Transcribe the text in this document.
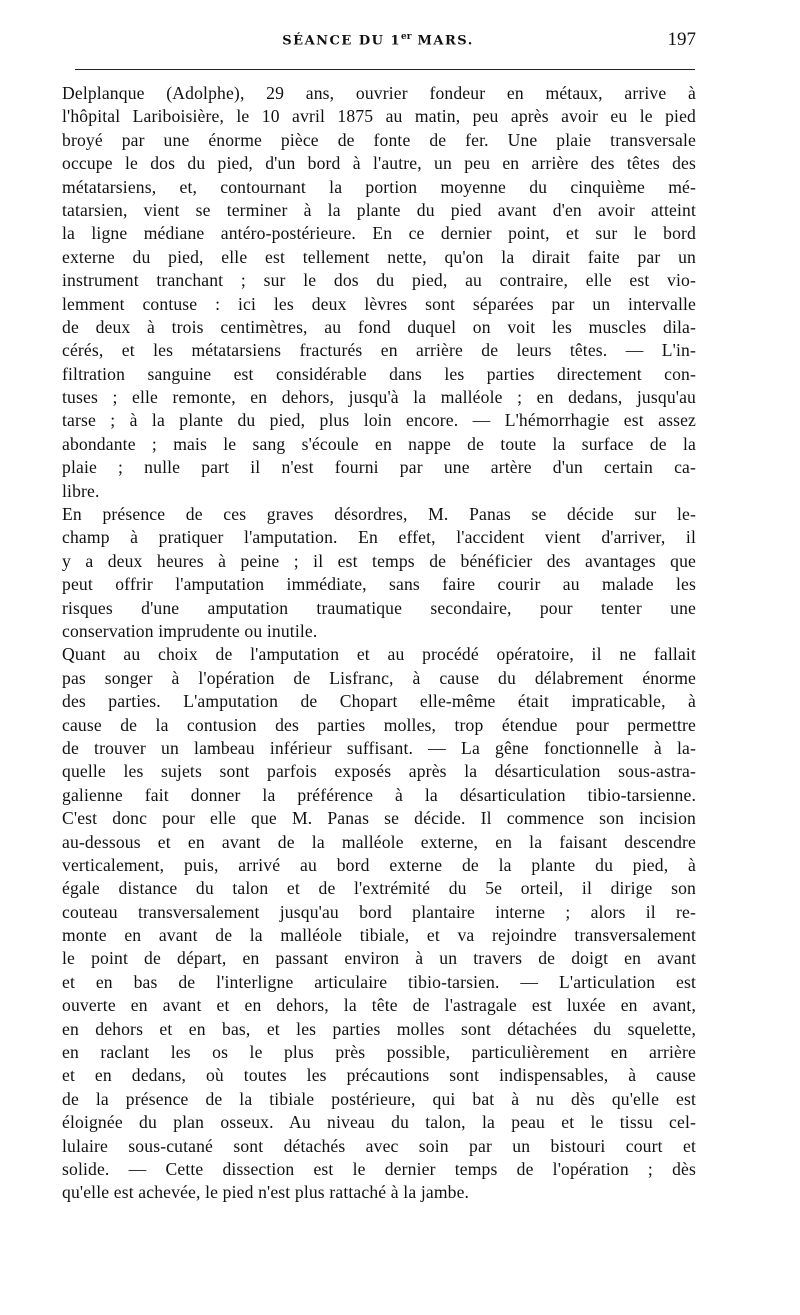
SÉANCE DU 1er MARS.	197
Delplanque (Adolphe), 29 ans, ouvrier fondeur en métaux, arrive à
l'hôpital Lariboisière, le 10 avril 1875 au matin, peu après avoir eu le pied
broyé par une énorme pièce de fonte de fer. Une plaie transversale
occupe le dos du pied, d'un bord à l'autre, un peu en arrière des têtes des
métatarsiens, et, contournant la portion moyenne du cinquième mé-
tatarsien, vient se terminer à la plante du pied avant d'en avoir atteint
la ligne médiane antéro-postérieure. En ce dernier point, et sur le bord
externe du pied, elle est tellement nette, qu'on la dirait faite par un
instrument tranchant ; sur le dos du pied, au contraire, elle est vio-
lemment contuse : ici les deux lèvres sont séparées par un intervalle
de deux à trois centimètres, au fond duquel on voit les muscles dila-
cérés, et les métatarsiens fracturés en arrière de leurs têtes. — L'in-
filtration sanguine est considérable dans les parties directement con-
tuses ; elle remonte, en dehors, jusqu'à la malléole ; en dedans, jusqu'au
tarse ; à la plante du pied, plus loin encore. — L'hémorrhagie est assez
abondante ; mais le sang s'écoule en nappe de toute la surface de la
plaie ; nulle part il n'est fourni par une artère d'un certain ca-
libre.
En présence de ces graves désordres, M. Panas se décide sur le-
champ à pratiquer l'amputation. En effet, l'accident vient d'arriver, il
y a deux heures à peine ; il est temps de bénéficier des avantages que
peut offrir l'amputation immédiate, sans faire courir au malade les
risques d'une amputation traumatique secondaire, pour tenter une
conservation imprudente ou inutile.
Quant au choix de l'amputation et au procédé opératoire, il ne fallait
pas songer à l'opération de Lisfranc, à cause du délabrement énorme
des parties. L'amputation de Chopart elle-même était impraticable, à
cause de la contusion des parties molles, trop étendue pour permettre
de trouver un lambeau inférieur suffisant. — La gêne fonctionnelle à la-
quelle les sujets sont parfois exposés après la désarticulation sous-astra-
galienne fait donner la préférence à la désarticulation tibio-tarsienne.
C'est donc pour elle que M. Panas se décide. Il commence son incision
au-dessous et en avant de la malléole externe, en la faisant descendre
verticalement, puis, arrivé au bord externe de la plante du pied, à
égale distance du talon et de l'extrémité du 5e orteil, il dirige son
couteau transversalement jusqu'au bord plantaire interne ; alors il re-
monte en avant de la malléole tibiale, et va rejoindre transversalement
le point de départ, en passant environ à un travers de doigt en avant
et en bas de l'interligne articulaire tibio-tarsien. — L'articulation est
ouverte en avant et en dehors, la tête de l'astragale est luxée en avant,
en dehors et en bas, et les parties molles sont détachées du squelette,
en raclant les os le plus près possible, particulièrement en arrière
et en dedans, où toutes les précautions sont indispensables, à cause
de la présence de la tibiale postérieure, qui bat à nu dès qu'elle est
éloignée du plan osseux. Au niveau du talon, la peau et le tissu cel-
lulaire sous-cutané sont détachés avec soin par un bistouri court et
solide. — Cette dissection est le dernier temps de l'opération ; dès
qu'elle est achevée, le pied n'est plus rattaché à la jambe.
